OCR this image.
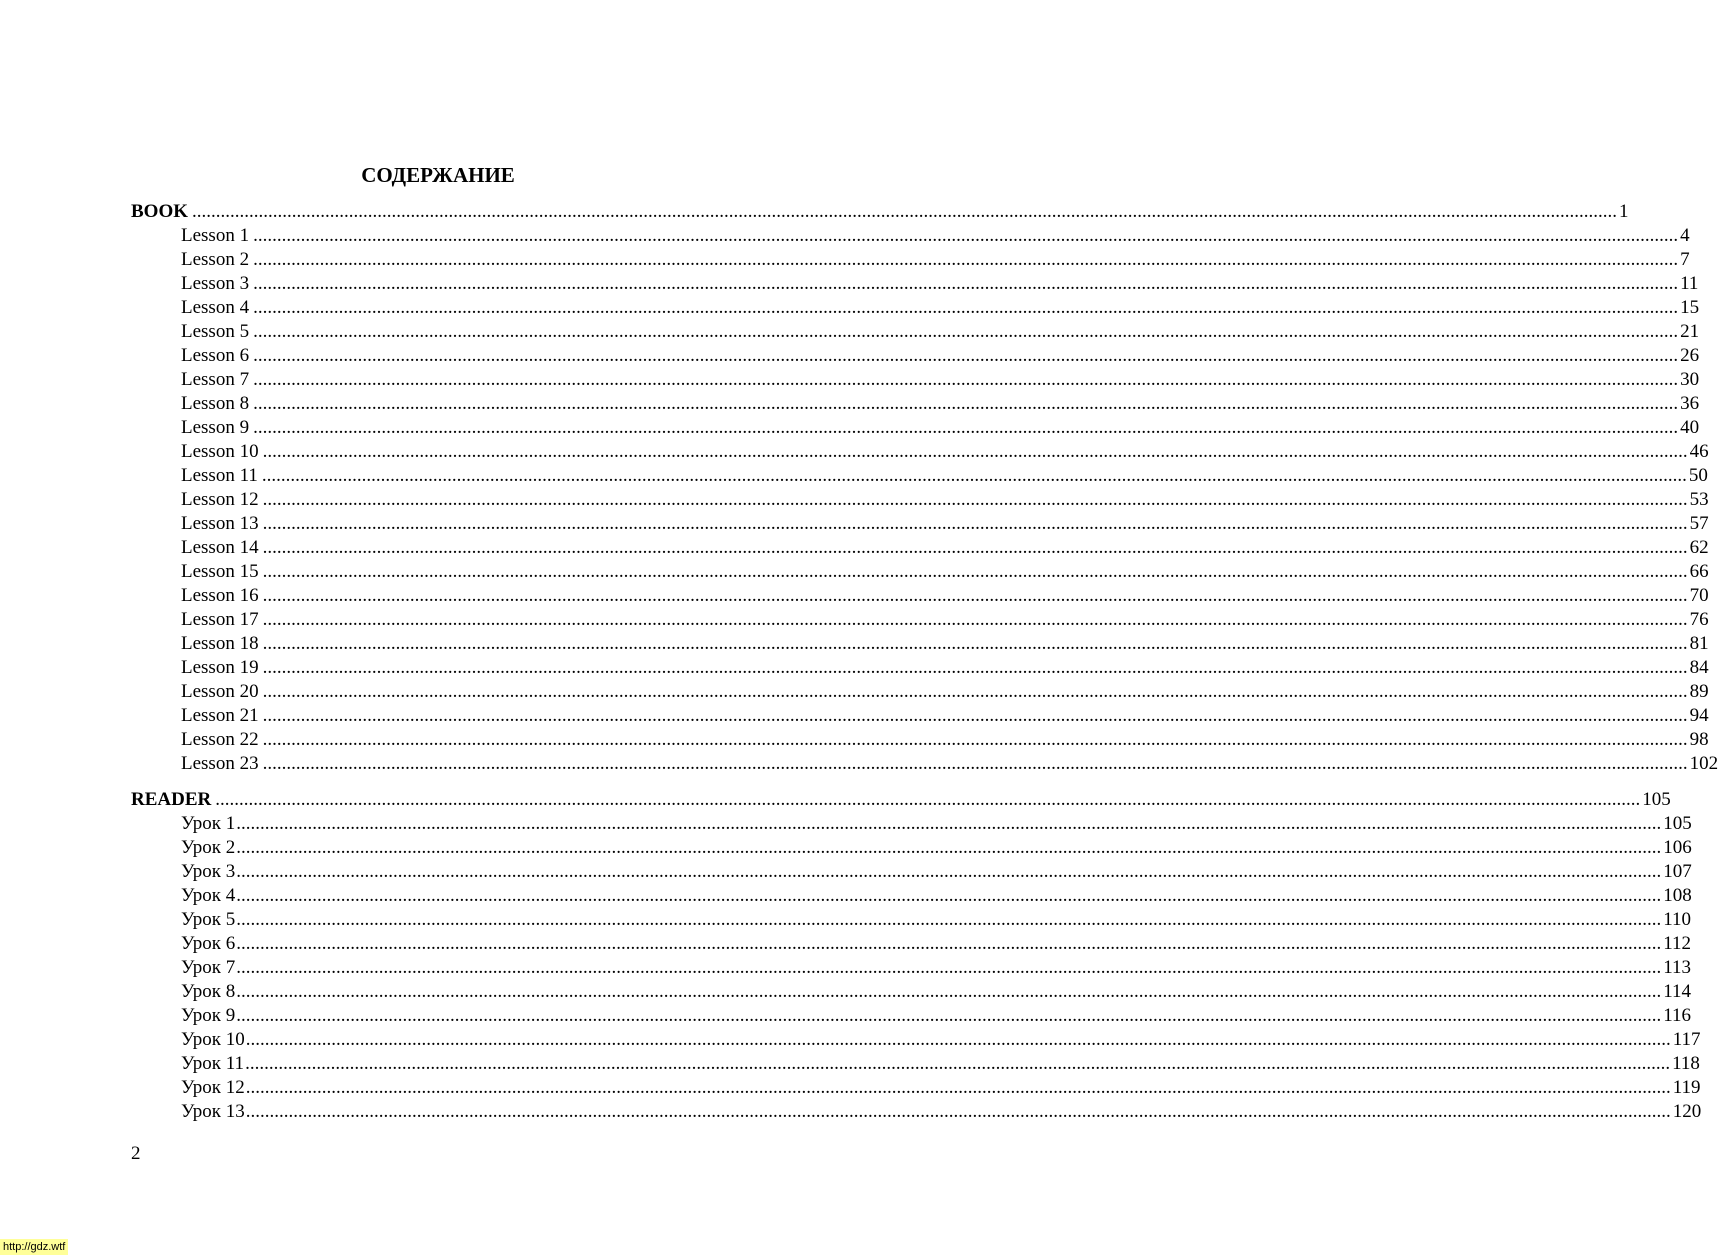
СОДЕРЖАНИЕ
BOOK ............................................................................................................................................................................................................................................................................................................ 1
Lesson 1 ............................................................................................................................................................................................................................................................................................................ 4
Lesson 2 ............................................................................................................................................................................................................................................................................................................ 7
Lesson 3 ............................................................................................................................................................................................................................................................................................................ 11
Lesson 4 ............................................................................................................................................................................................................................................................................................................ 15
Lesson 5 ............................................................................................................................................................................................................................................................................................................ 21
Lesson 6 ............................................................................................................................................................................................................................................................................................................ 26
Lesson 7 ............................................................................................................................................................................................................................................................................................................ 30
Lesson 8 ............................................................................................................................................................................................................................................................................................................ 36
Lesson 9 ............................................................................................................................................................................................................................................................................................................ 40
Lesson 10 ............................................................................................................................................................................................................................................................................................................ 46
Lesson 11 ............................................................................................................................................................................................................................................................................................................ 50
Lesson 12 ............................................................................................................................................................................................................................................................................................................ 53
Lesson 13 ............................................................................................................................................................................................................................................................................................................ 57
Lesson 14 ............................................................................................................................................................................................................................................................................................................ 62
Lesson 15 ............................................................................................................................................................................................................................................................................................................ 66
Lesson 16 ............................................................................................................................................................................................................................................................................................................ 70
Lesson 17 ............................................................................................................................................................................................................................................................................................................ 76
Lesson 18 ............................................................................................................................................................................................................................................................................................................ 81
Lesson 19 ............................................................................................................................................................................................................................................................................................................ 84
Lesson 20 ............................................................................................................................................................................................................................................................................................................ 89
Lesson 21 ............................................................................................................................................................................................................................................................................................................ 94
Lesson 22 ............................................................................................................................................................................................................................................................................................................ 98
Lesson 23 ............................................................................................................................................................................................................................................................................................................ 102
READER ............................................................................................................................................................................................................................................................................................................ 105
Урок 1 ............................................................................................................................................................................................................................................................................................................ 105
Урок 2 ............................................................................................................................................................................................................................................................................................................ 106
Урок 3 ............................................................................................................................................................................................................................................................................................................ 107
Урок 4 ............................................................................................................................................................................................................................................................................................................ 108
Урок 5 ............................................................................................................................................................................................................................................................................................................ 110
Урок 6 ............................................................................................................................................................................................................................................................................................................ 112
Урок 7 ............................................................................................................................................................................................................................................................................................................ 113
Урок 8 ............................................................................................................................................................................................................................................................................................................ 114
Урок 9 ............................................................................................................................................................................................................................................................................................................ 116
Урок 10 ............................................................................................................................................................................................................................................................................................................ 117
Урок 11 ............................................................................................................................................................................................................................................................................................................ 118
Урок 12 ............................................................................................................................................................................................................................................................................................................ 119
Урок 13 ............................................................................................................................................................................................................................................................................................................ 120
2
http://gdz.wtf
